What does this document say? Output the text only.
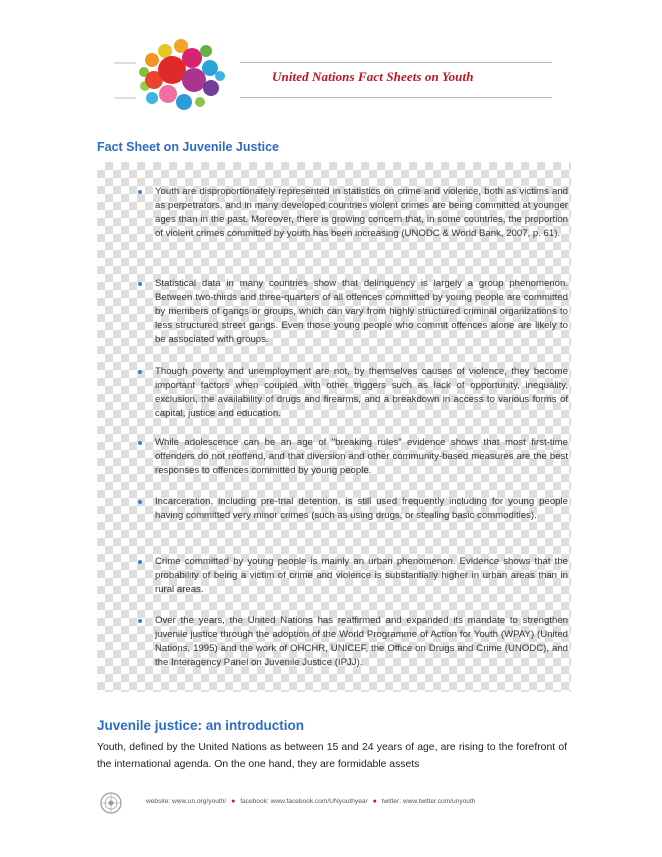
United Nations Fact Sheets on Youth
Fact Sheet on Juvenile Justice
Youth are disproportionately represented in statistics on crime and violence, both as victims and as perpetrators, and in many developed countries violent crimes are being committed at younger ages than in the past. Moreover, there is growing concern that, in some countries, the proportion of violent crimes committed by youth has been increasing (UNODC & World Bank, 2007, p. 61).
Statistical data in many countries show that delinquency is largely a group phenomenon. Between two-thirds and three-quarters of all offences committed by young people are committed by members of gangs or groups, which can vary from highly structured criminal organizations to less structured street gangs. Even those young people who commit offences alone are likely to be associated with groups.
Though poverty and unemployment are not, by themselves causes of violence, they become important factors when coupled with other triggers such as lack of opportunity, inequality, exclusion, the availability of drugs and firearms, and a breakdown in access to various forms of capital, justice and education.
While adolescence can be an age of "breaking rules" evidence shows that most first-time offenders do not reoffend, and that diversion and other community-based measures are the best responses to offences committed by young people.
Incarceration, including pre-trial detention, is still used frequently including for young people having committed very minor crimes (such as using drugs, or stealing basic commodities).
Crime committed by young people is mainly an urban phenomenon. Evidence shows that the probability of being a victim of crime and violence is substantially higher in urban areas than in rural areas.
Over the years, the United Nations has reaffirmed and expanded its mandate to strengthen juvenile justice through the adoption of the World Programme of Action for Youth (WPAY) (United Nations, 1995) and the work of OHCHR, UNICEF, the Office on Drugs and Crime (UNODC), and the Interagency Panel on Juvenile Justice (IPJJ).
Juvenile justice: an introduction
Youth, defined by the United Nations as between 15 and 24 years of age, are rising to the forefront of the international agenda. On the one hand, they are formidable assets
website: www.un.org/youth/ ● facebook: www.facebook.com/UNyouthyear ● twitter: www.twitter.com/unyouth
